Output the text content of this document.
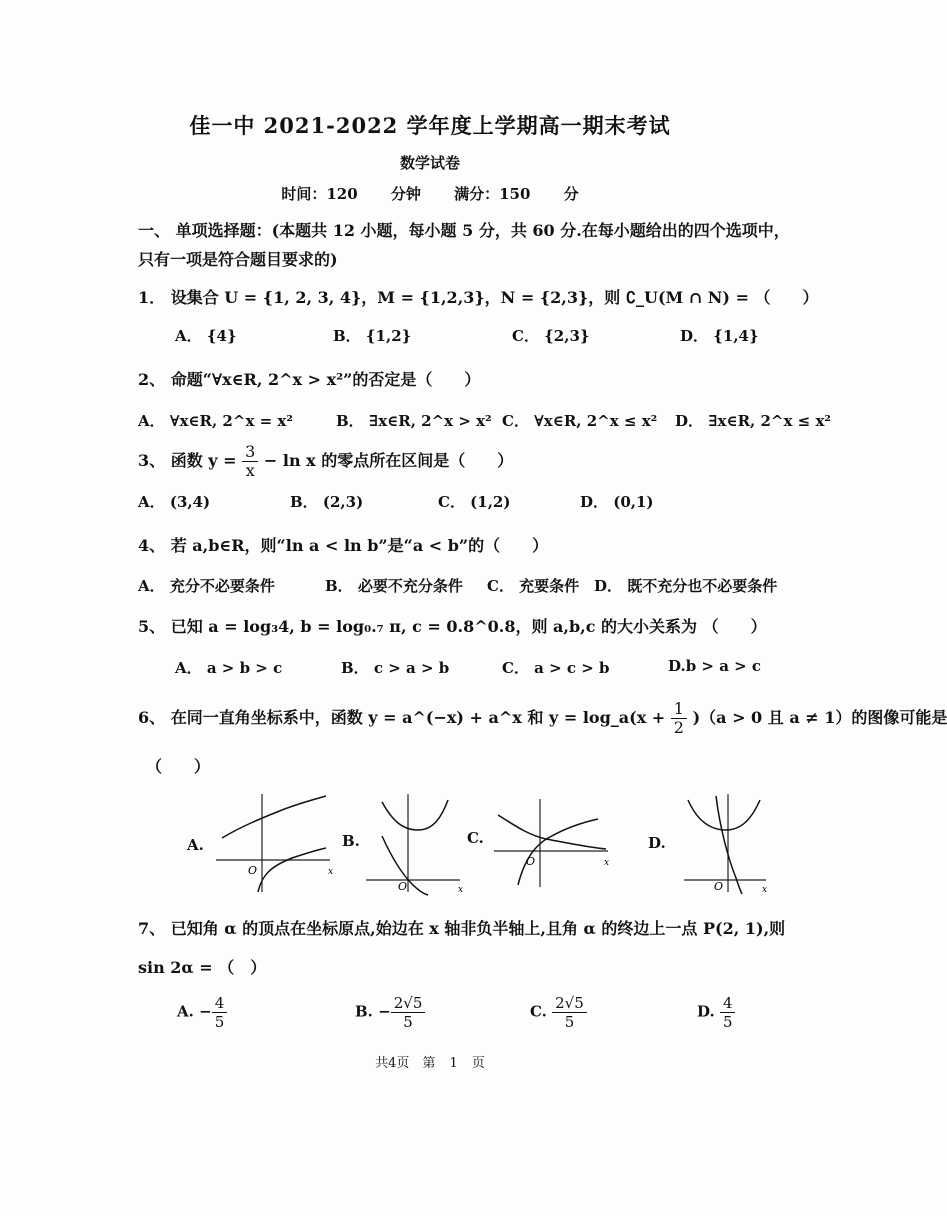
佳一中 2021-2022 学年度上学期高一期末考试
数学试卷
时间：120 分钟 满分：150 分
一、 单项选择题：(本题共 12 小题，每小题 5 分，共 60 分.在每小题给出的四个选项中，
只有一项是符合题目要求的)
1． 设集合 U = {1, 2, 3, 4}，M = {1,2,3}，N = {2,3}，则 ∁_U(M ∩ N) = （　　）
A． {4}	B． {1,2}	C． {2,3}	D． {1,4}
2、 命题“∀x∈R, 2^x > x²”的否定是（　　）
A． ∀x∈R, 2^x = x²	B． ∃x∈R, 2^x > x² C． ∀x∈R, 2^x ≤ x² D． ∃x∈R, 2^x ≤ x²
3、 函数 $y = \frac{3}{x} - \ln x$ 的零点所在区间是（　　）
A． (3,4)	B． (2,3)	C． (1,2)	D． (0,1)
4、 若 a,b∈R，则“ln a < ln b”是“a < b”的（　　）
A． 充分不必要条件	B． 必要不充分条件 C． 充要条件 D． 既不充分也不必要条件
5、 已知 a = log₃4, b = log₀.₇ π, c = 0.8^0.8，则 a,b,c 的大小关系为 （　　）
A． a > b > c	B． c > a > b	C． a > c > b	D.b > a > c
6、 在同一直角坐标系中，函数 y = a^(−x) + a^x 和 y = log_a(x + $\frac{1}{2} )(a > 0$ 且 a ≠ 1）的图像可能是
（　　）
A.
O	x
B.
O	x
C.
O	x
D.
O	x
7、 已知角 α 的顶点在坐标原点,始边在 x 轴非负半轴上,且角 α 的终边上一点 P(2, 1),则
sin 2α = （　）
A. − $\frac{4}{5}$	B. − $\frac{2√5}{5}$	C. $\frac{2√5}{5}$	D. $\frac{4}{5}$
共4页　第 1 页
